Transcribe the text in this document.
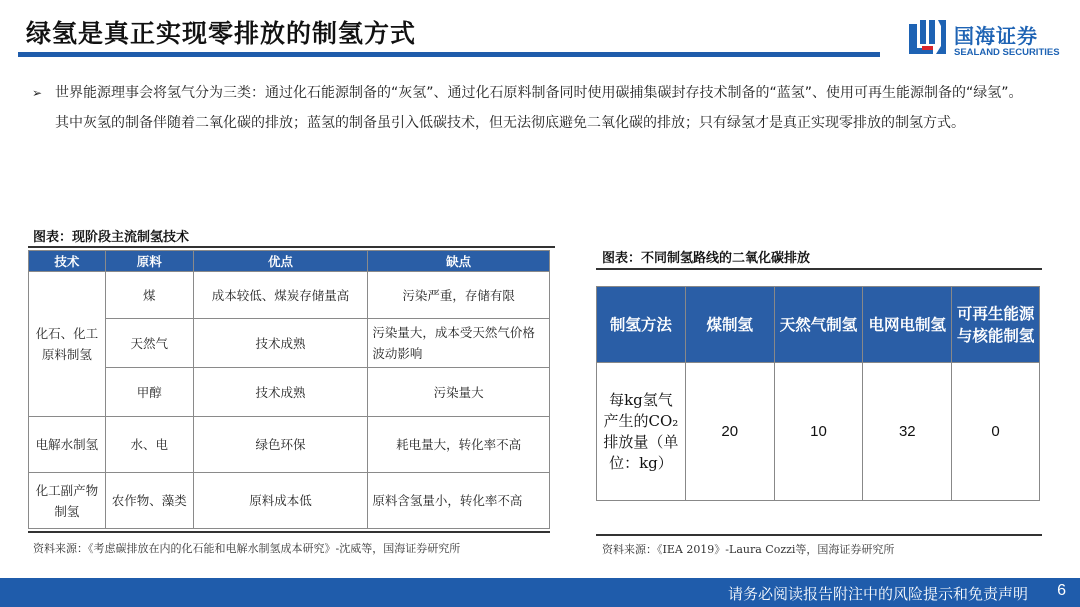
绿氢是真正实现零排放的制氢方式	国海证券
SEALAND SECURITIES
➢ 世界能源理事会将氢气分为三类：通过化石能源制备的“灰氢”、通过化石原料制备同时使用碳捕集碳封存技术制备的“蓝氢”、使用可再生能源制备的“绿氢”。其中灰氢的制备伴随着二氧化碳的排放；蓝氢的制备虽引入低碳技术，但无法彻底避免二氧化碳的排放；只有绿氢才是真正实现零排放的制氢方式。
图表：现阶段主流制氢技术
技术	原料	优点	缺点
化石、化工原料制氢	煤	成本较低、煤炭存储量高	污染严重，存储有限
	天然气	技术成熟	污染量大，成本受天然气价格波动影响
	甲醇	技术成熟	污染量大
电解水制氢	水、电	绿色环保	耗电量大，转化率不高
化工副产物制氢	农作物、藻类	原料成本低	原料含氢量小，转化率不高
资料来源：《考虑碳排放在内的化石能和电解水制氢成本研究》-沈威等，国海证券研究所
图表：不同制氢路线的二氧化碳排放
制氢方法	煤制氢	天然气制氢	电网电制氢	可再生能源与核能制氢
每kg氢气产生的CO₂排放量（单位：kg）	20	10	32	0
资料来源：《IEA 2019》-Laura Cozzi等，国海证券研究所
请务必阅读报告附注中的风险提示和免责声明 6
